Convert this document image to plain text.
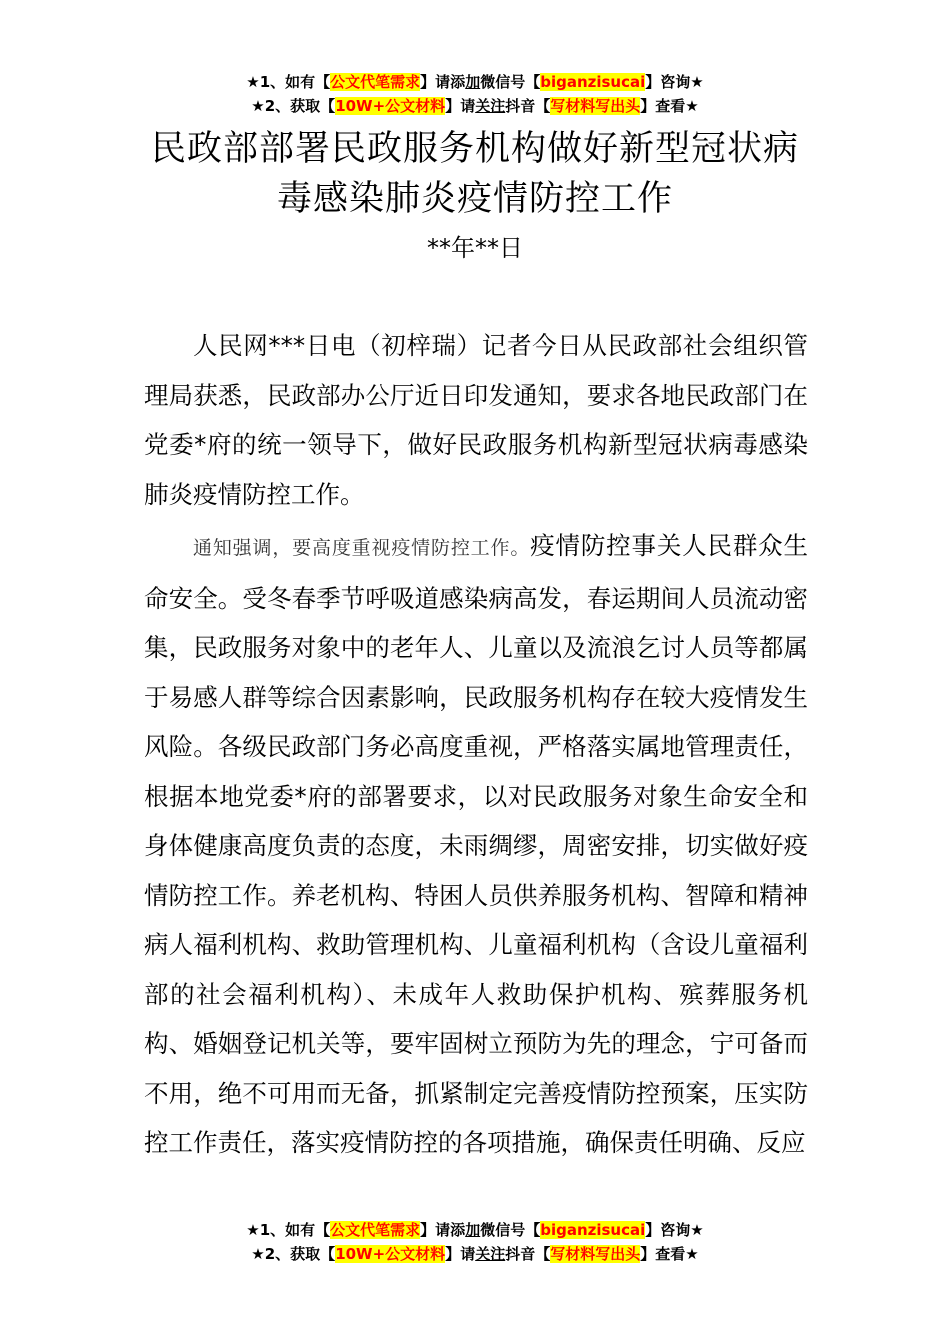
★1、如有【公文代笔需求】请添加微信号【biganzisucai】咨询★
★2、获取【10W+公文材料】请关注抖音【写材料写出头】查看★
民政部部署民政服务机构做好新型冠状病
毒感染肺炎疫情防控工作
**年**日

人民网***日电（初梓瑞）记者今日从民政部社会组织管理局获悉，民政部办公厅近日印发通知，要求各地民政部门在党委*府的统一领导下，做好民政服务机构新型冠状病毒感染肺炎疫情防控工作。

通知强调，要高度重视疫情防控工作。疫情防控事关人民群众生命安全。受冬春季节呼吸道感染病高发，春运期间人员流动密集，民政服务对象中的老年人、儿童以及流浪乞讨人员等都属于易感人群等综合因素影响，民政服务机构存在较大疫情发生风险。各级民政部门务必高度重视，严格落实属地管理责任，根据本地党委*府的部署要求，以对民政服务对象生命安全和身体健康高度负责的态度，未雨绸缪，周密安排，切实做好疫情防控工作。养老机构、特困人员供养服务机构、智障和精神病人福利机构、救助管理机构、儿童福利机构（含设儿童福利部的社会福利机构）、未成年人救助保护机构、殡葬服务机构、婚姻登记机关等，要牢固树立预防为先的理念，宁可备而不用，绝不可用而无备，抓紧制定完善疫情防控预案，压实防控工作责任，落实疫情防控的各项措施，确保责任明确、反应

★1、如有【公文代笔需求】请添加微信号【biganzisucai】咨询★
★2、获取【10W+公文材料】请关注抖音【写材料写出头】查看★
